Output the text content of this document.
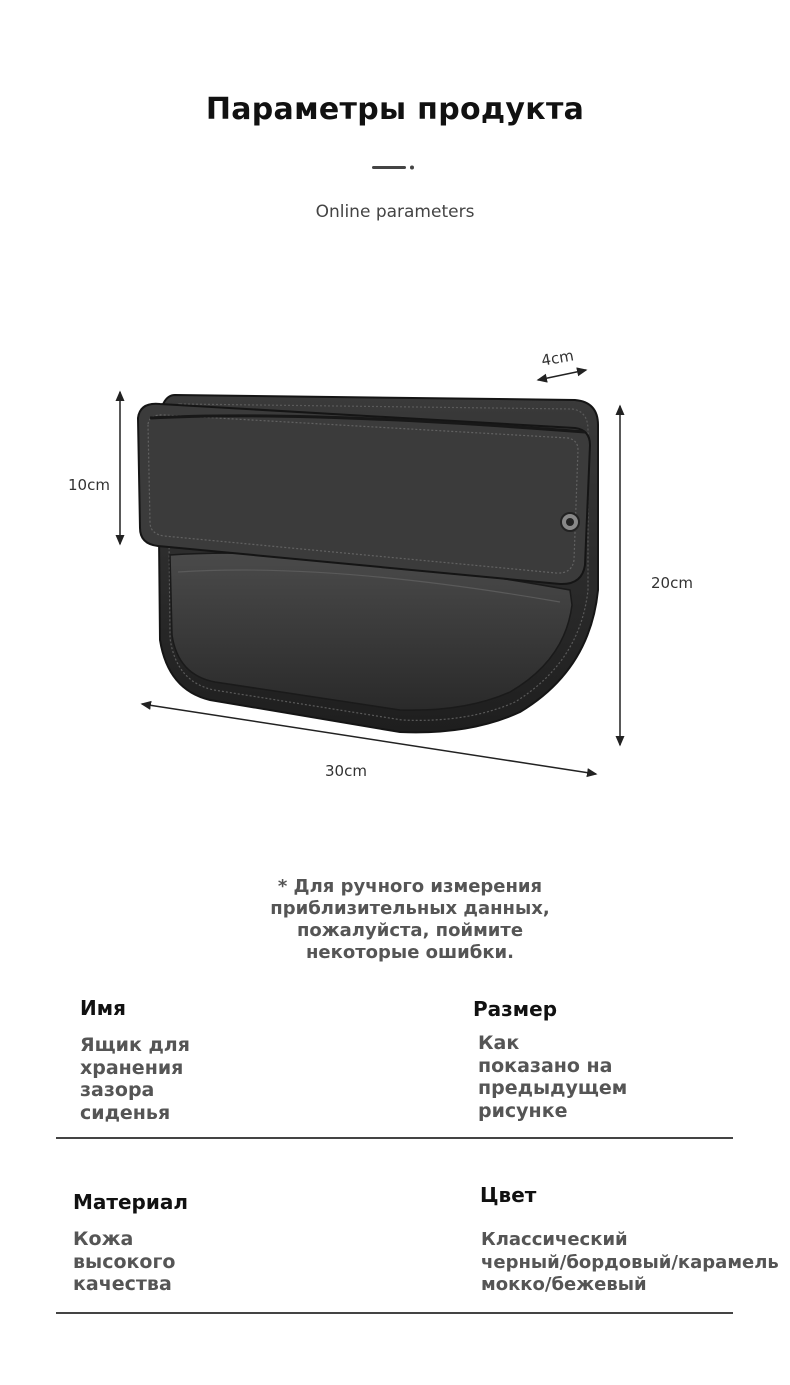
Параметры продукта
Online parameters
4cm
10cm
20cm
30cm
* Для ручного измерения приблизительных данных, пожалуйста, поймите некоторые ошибки.
Имя
Ящик для
хранения
зазора
сиденья
Размер
Как
показано на
предыдущем
рисунке
Материал
Кожа
высокого
качества
Цвет
Классический
черный/бордовый/карамель
мокко/бежевый
